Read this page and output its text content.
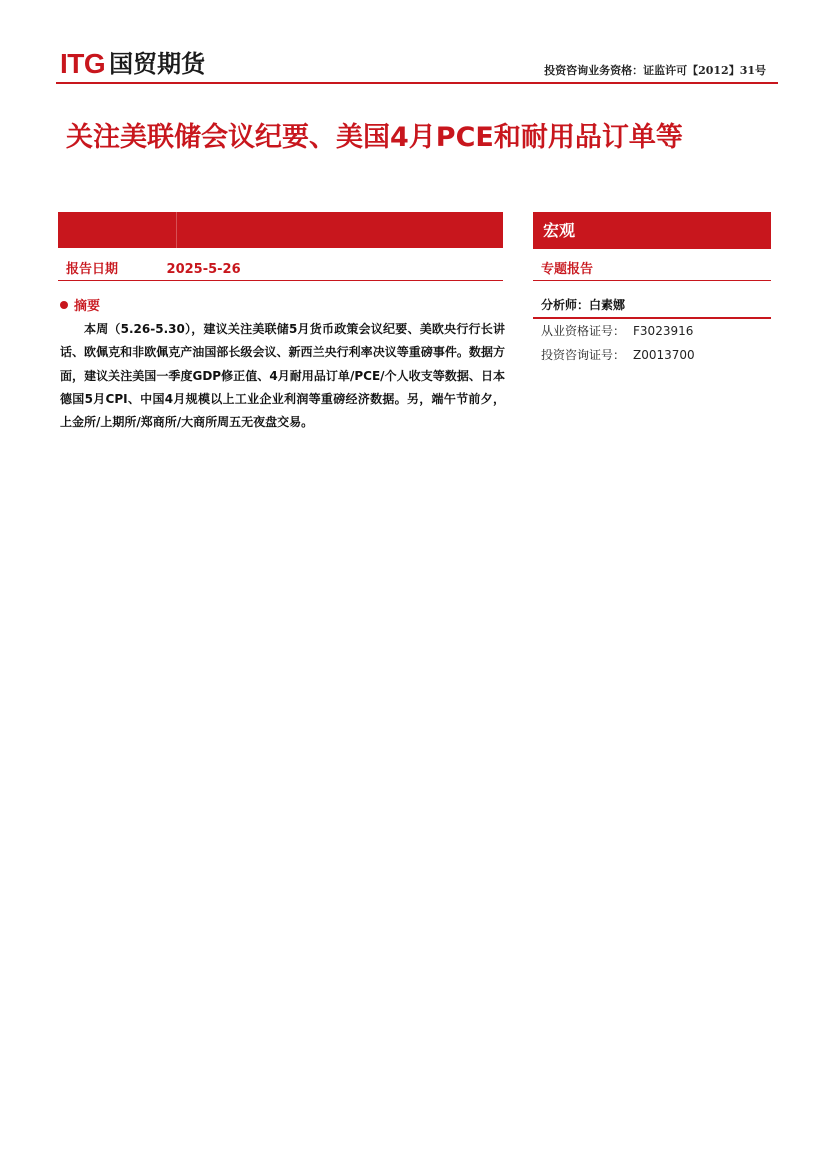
ITG 国贸期货	投资咨询业务资格：证监许可【2012】31号
关注美联储会议纪要、美国4月PCE和耐用品订单等
报告日期	2025-5-26
摘要

本周（5.26-5.30），建议关注美联储5月货币政策会议纪要、美欧央行行长讲话、欧佩克和非欧佩克产油国部长级会议、新西兰央行利率决议等重磅事件。数据方面，建议关注美国一季度GDP修正值、4月耐用品订单/PCE/个人收支等数据、日本德国5月CPI、中国4月规模以上工业企业利润等重磅经济数据。另，端午节前夕，上金所/上期所/郑商所/大商所周五无夜盘交易。

宏观
专题报告
分析师：白素娜
从业资格证号： F3023916
投资咨询证号： Z0013700
